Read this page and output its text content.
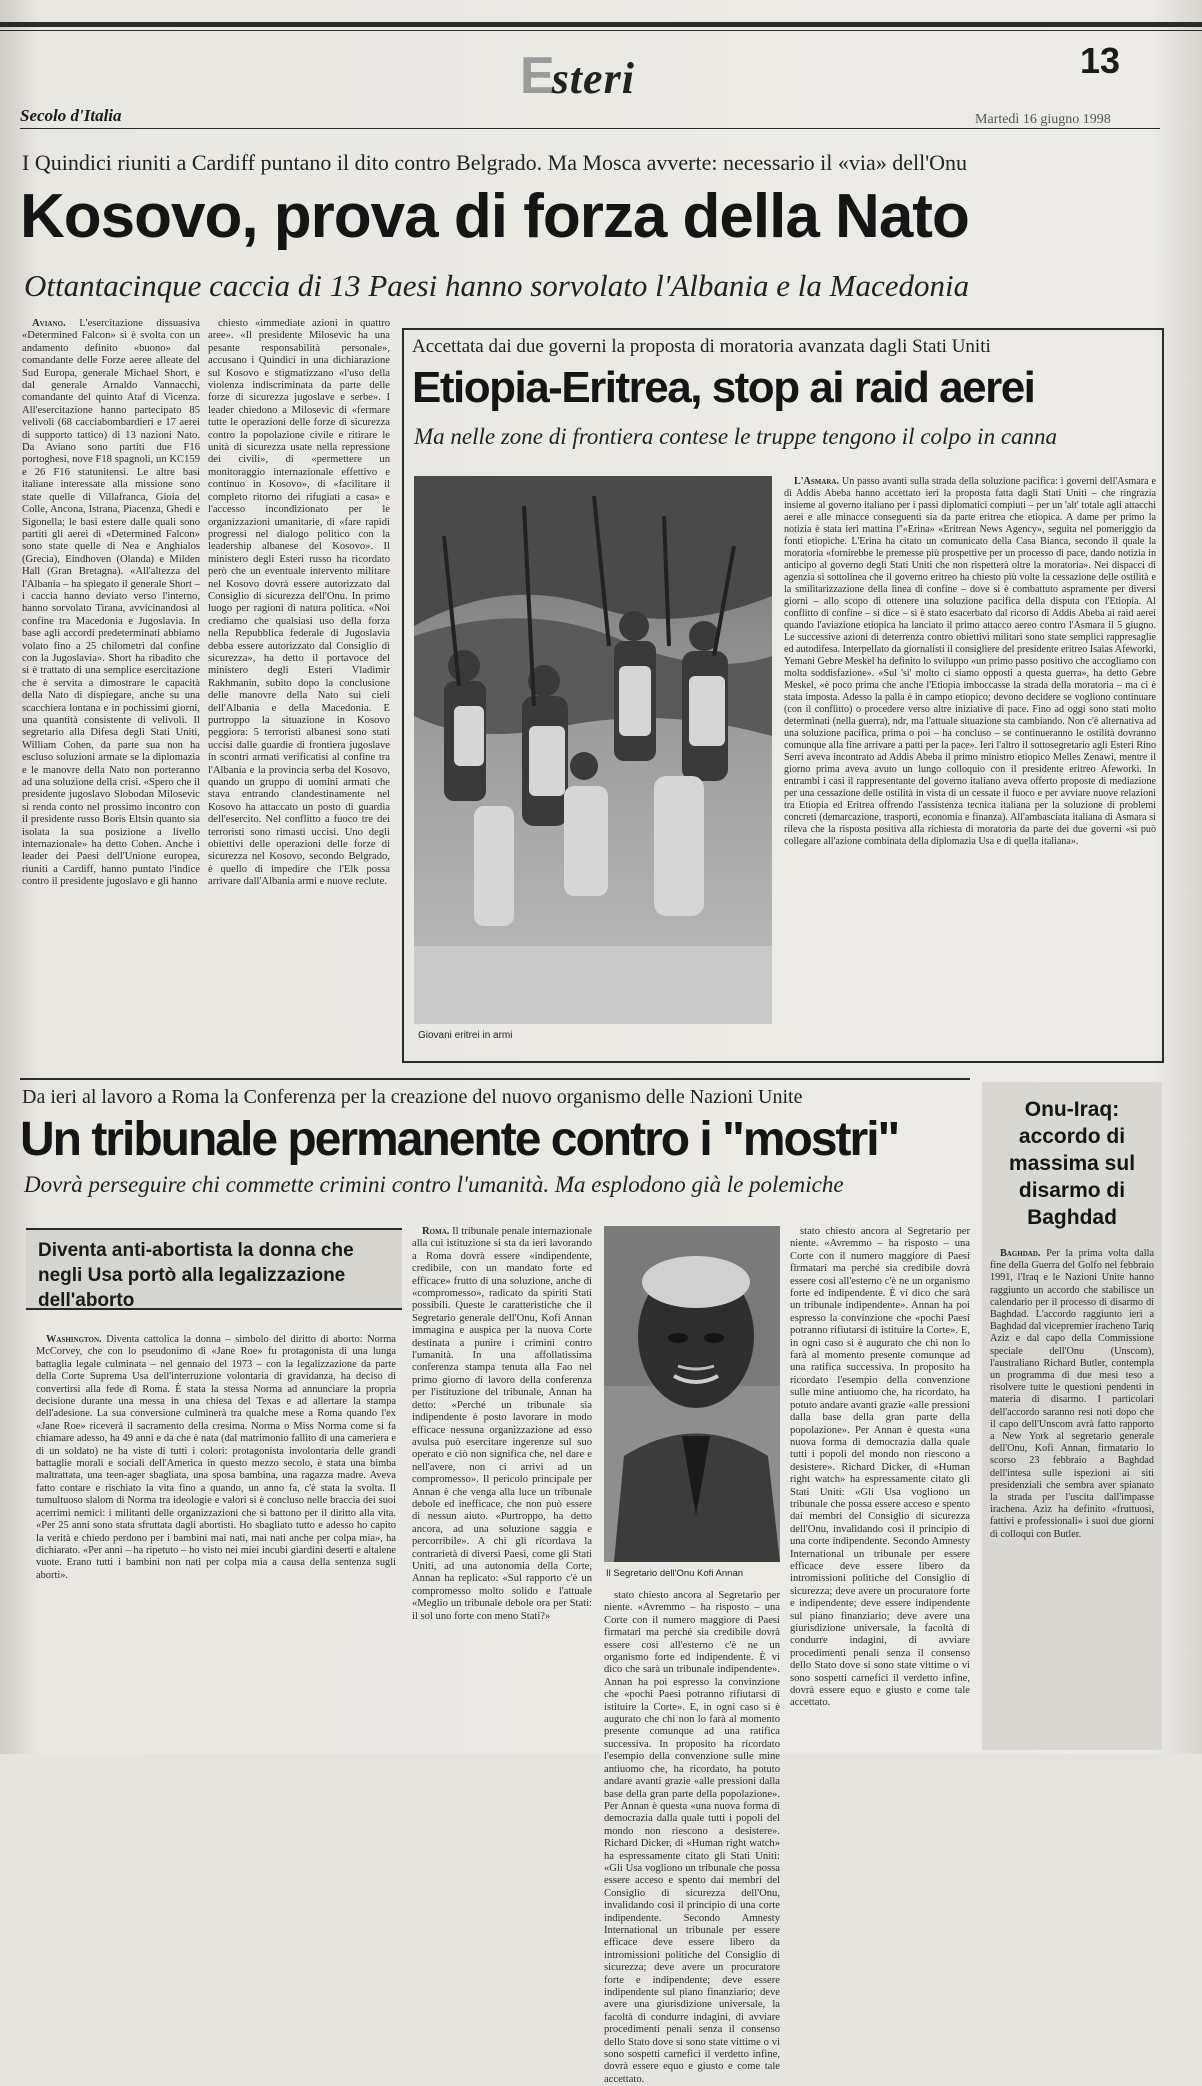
Esteri	13
Secolo d'Italia	Martedì 16 giugno 1998
I Quindici riuniti a Cardiff puntano il dito contro Belgrado. Ma Mosca avverte: necessario il «via» dell'Onu
Kosovo, prova di forza della Nato
Ottantacinque caccia di 13 Paesi hanno sorvolato l'Albania e la Macedonia

Aviano. L'esercitazione dissuasiva «Determined Falcon» si è svolta con un andamento definito «buono» dal comandante delle Forze aeree alleate del Sud Europa, generale Michael Short, e dal generale Arnaldo Vannacchi, comandante del quinto Ataf di Vicenza. All'esercitazione hanno partecipato 85 velivoli (68 cacciabombardieri e 17 aerei di supporto tattico) di 13 nazioni Nato. Da Aviano sono partiti due F16 portoghesi, nove F18 spagnoli, un KC159 e 26 F16 statunitensi. Le altre basi italiane interessate alla missione sono state quelle di Villafranca, Gioia del Colle, Ancona, Istrana, Piacenza, Ghedi e Sigonella; le basi estere dalle quali sono partiti gli aerei di «Determined Falcon» sono state quelle di Nea e Anghialos (Grecia), Eindhoven (Olanda) e Milden Hall (Gran Bretagna). «All'altezza del l'Albania – ha spiegato il generale Short – i caccia hanno deviato verso l'interno, hanno sorvolato Tirana, avvicinandosi al confine tra Macedonia e Jugoslavia. In base agli accordi predeterminati abbiamo volato fino a 25 chilometri dal confine con la Jugoslavia». Short ha ribadito che si è trattato di una semplice esercitazione che è servita a dimostrare le capacità della Nato di dispiegare, anche su una scacchiera lontana e in pochissimi giorni, una quantità consistente di velivoli. Il segretario alla Difesa degli Stati Uniti, William Cohen, da parte sua non ha escluso soluzioni armate se la diplomazia e le manovre della Nato non porteranno ad una soluzione della crisi. «Spero che il presidente jugoslavo Slobodan Milosevic si renda conto nel prossimo incontro con il presidente russo Boris Eltsin quanto sia isolata la sua posizione a livello internazionale» ha detto Cohen. Anche i leader dei Paesi dell'Unione europea, riuniti a Cardiff, hanno puntato l'indice contro il presidente jugoslavo e gli hanno

chiesto «immediate azioni in quattro aree». «Il presidente Milosevic ha una pesante responsabilità personale», accusano i Quindici in una dichiarazione sul Kosovo e stigmatizzano «l'uso della violenza indiscriminata da parte delle forze di sicurezza jugoslave e serbe». I leader chiedono a Milosevic di «fermare tutte le operazioni delle forze di sicurezza contro la popolazione civile e ritirare le unità di sicurezza usate nella repressione dei civili», di «permettere un monitoraggio internazionale effettivo e continuo in Kosovo», di «facilitare il completo ritorno dei rifugiati a casa» e l'accesso incondizionato per le organizzazioni umanitarie, di «fare rapidi progressi nel dialogo politico con la leadership albanese del Kosovo». Il ministero degli Esteri russo ha ricordato però che un eventuale intervento militare nel Kosovo dovrà essere autorizzato dal Consiglio di sicurezza dell'Onu. In primo luogo per ragioni di natura politica. «Noi crediamo che qualsiasi uso della forza nella Repubblica federale di Jugoslavia debba essere autorizzato dal Consiglio di sicurezza», ha detto il portavoce del ministero degli Esteri Vladimir Rakhmanin, subito dopo la conclusione delle manovre della Nato sui cieli dell'Albania e della Macedonia. E purtroppo la situazione in Kosovo peggiora: 5 terroristi albanesi sono stati uccisi dalle guardie di frontiera jugoslave in scontri armati verificatisi al confine tra l'Albania e la provincia serba del Kosovo, quando un gruppo di uomini armati che stava entrando clandestinamente nel Kosovo ha attaccato un posto di guardia dell'esercito. Nel conflitto a fuoco tre dei terroristi sono rimasti uccisi. Uno degli obiettivi delle operazioni delle forze di sicurezza nel Kosovo, secondo Belgrado, è quello di impedire che l'Elk possa arrivare dall'Albania armi e nuove reclute.

Accettata dai due governi la proposta di moratoria avanzata dagli Stati Uniti
Etiopia-Eritrea, stop ai raid aerei
Ma nelle zone di frontiera contese le truppe tengono il colpo in canna
Giovani eritrei in armi

L'Asmara. Un passo avanti sulla strada della soluzione pacifica: i governi dell'Asmara e di Addis Abeba hanno accettato ieri la proposta fatta dagli Stati Uniti – che ringrazia insieme al governo italiano per i passi diplomatici compiuti – per un 'alt' totale agli attacchi aerei e alle minacce conseguenti sia da parte eritrea che etiopica. A dame per primo la notizia è stata ieri mattina l''«Erina» «Eritrean News Agency», seguita nel pomeriggio da fonti etiopiche. L'Erina ha citato un comunicato della Casa Bianca, secondo il quale la moratoria «fornirebbe le premesse più prospettive per un processo di pace, dando notizia in anticipo al governo degli Stati Uniti che non rispetterà oltre la moratoria». Nei dispacci di agenzia si sottolinea che il governo eritreo ha chiesto più volte la cessazione delle ostilità e la smilitarizzazione della linea di confine – dove si è combattuto aspramente per diversi giorni – allo scopo di ottenere una soluzione pacifica della disputa con l'Etiopia. Al conflitto di confine – si dice – si è stato esacerbato dal ricorso di Addis Abeba ai raid aerei quando l'aviazione etiopica ha lanciato il primo attacco aereo contro l'Asmara il 5 giugno. Le successive azioni di deterrenza contro obiettivi militari sono state semplici rappresaglie ed autodifesa. Interpellato da giornalisti il consigliere del presidente eritreo Isaias Afeworki, Yemani Gebre Meskel ha definito lo sviluppo «un primo passo positivo che accogliamo con molta soddisfazione». «Sul 'sì' molto ci siamo opposti a questa guerra», ha detto Gebre Meskel, «è poco prima che anche l'Etiopia imboccasse la strada della moratoria – ma ci è stata imposta. Adesso la palla è in campo etiopico; devono decidere se vogliono continuare (con il conflitto) o procedere verso altre iniziative di pace. Fino ad oggi sono stati molto determinati (nella guerra), ndr, ma l'attuale situazione sta cambiando. Non c'è alternativa ad una soluzione pacifica, prima o poi – ha concluso – se continueranno le ostilità dovranno comunque alla fine arrivare a patti per la pace». Ieri l'altro il sottosegretario agli Esteri Rino Serri aveva incontrato ad Addis Abeba il primo ministro etiopico Melles Zenawi, mentre il giorno prima aveva avuto un lungo colloquio con il presidente eritreo Afeworki. In entrambi i casi il rappresentante del governo italiano aveva offerto proposte di mediazione per una cessazione delle ostilità in vista di un cessate il fuoco e per avviare nuove relazioni tra Etiopia ed Eritrea offrendo l'assistenza tecnica italiana per la soluzione di problemi concreti (demarcazione, trasporti, economia e finanza). All'ambasciata italiana di Asmara si rileva che la risposta positiva alla richiesta di moratoria da parte dei due governi «si può collegare all'azione combinata della diplomazia Usa e di quella italiana».

Da ieri al lavoro a Roma la Conferenza per la creazione del nuovo organismo delle Nazioni Unite
Un tribunale permanente contro i "mostri"
Dovrà perseguire chi commette crimini contro l'umanità. Ma esplodono già le polemiche
Diventa anti-abortista la donna che negli Usa portò alla legalizzazione dell'aborto

Washington. Diventa cattolica la donna – simbolo del diritto di aborto: Norma McCorvey, che con lo pseudonimo di «Jane Roe» fu protagonista di una lunga battaglia legale culminata – nel gennaio del 1973 – con la legalizzazione da parte della Corte Suprema Usa dell'interruzione volontaria di gravidanza, ha deciso di convertirsi alla fede di Roma. È stata la stessa Norma ad annunciare la propria decisione durante una messa in una chiesa del Texas e ad allertare la stampa dell'adesione. La sua conversione culminerà tra qualche mese a Roma quando l'ex «Jane Roe» riceverà il sacramento della cresima. Norma o Miss Norma come si fa chiamare adesso, ha 49 anni e da che è nata (dal matrimonio fallito di una cameriera e di un soldato) ne ha viste di tutti i colori: protagonista involontaria delle grandi battaglie morali e sociali dell'America in questo mezzo secolo, è stata una bimba maltrattata, una teen-ager sbagliata, una sposa bambina, una ragazza madre. Aveva fatto contare e rischiato la vita fino a quando, un anno fa, c'è stata la svolta. Il tumultuoso slalom di Norma tra ideologie e valori si è concluso nelle braccia dei suoi acerrimi nemici: i militanti delle organizzazioni che si battono per il diritto alla vita. «Per 25 anni sono stata sfruttata dagli abortisti. Ho sbagliato tutto e adesso ho capito la verità e chiedo perdono per i bambini mai nati, mai nati anche per colpa mia», ha dichiarato. «Per anni – ha ripetuto – ho visto nei miei incubi giardini deserti e altalene vuote. Erano tutti i bambini non nati per colpa mia a causa della sentenza sugli aborti».

Roma. Il tribunale penale internazionale alla cui istituzione si sta da ieri lavorando a Roma dovrà essere «indipendente, credibile, con un mandato forte ed efficace» frutto di una soluzione, anche di «compromesso», radicato da spiriti Stati possibili. Queste le caratteristiche che il Segretario generale dell'Onu, Kofi Annan immagina e auspica per la nuova Corte destinata a punire i crimini contro l'umanità. In una affollatissima conferenza stampa tenuta alla Fao nel primo giorno di lavoro della conferenza per l'istituzione del tribunale, Annan ha detto: «Perché un tribunale sia indipendente è posto lavorare in modo efficace nessuna organizzazione ad esso avulsa può esercitare ingerenze sul suo operato e ciò non significa che, nel dare e nell'avere, non ci arrivi ad un compromesso». Il pericolo principale per Annan è che venga alla luce un tribunale debole ed inefficace, che non può essere di nessun aiuto. «Purtroppo, ha detto ancora, ad una soluzione saggia e percorribile». A chi gli ricordava la contrarietà di diversi Paesi, come gli Stati Uniti, ad una autonomia della Corte, Annan ha replicato: «Sul rapporto c'è un compromesso molto solido e l'attuale «Meglio un tribunale debole ora per Stati: il sol uno forte con meno Stati?»

Il Segretario dell'Onu Kofi Annan

stato chiesto ancora al Segretario per niente. «Avremmo – ha risposto – una Corte con il numero maggiore di Paesi firmatari ma perché sia credibile dovrà essere così all'esterno c'è ne un organismo forte ed indipendente. È vi dico che sarà un tribunale indipendente». Annan ha poi espresso la convinzione che «pochi Paesi potranno rifiutarsi di istituire la Corte». E, in ogni caso si è augurato che chi non lo farà al momento presente comunque ad una ratifica successiva. In proposito ha ricordato l'esempio della convenzione sulle mine antiuomo che, ha ricordato, ha potuto andare avanti grazie «alle pressioni dalla base della gran parte della popolazione». Per Annan è questa «una nuova forma di democrazia dalla quale tutti i popoli del mondo non riescono a desistere». Richard Dicker, di «Human right watch» ha espressamente citato gli Stati Uniti: «Gli Usa vogliono un tribunale che possa essere acceso e spento dai membri del Consiglio di sicurezza dell'Onu, invalidando così il principio di una corte indipendente. Secondo Amnesty International un tribunale per essere efficace deve essere libero da intromissioni politiche del Consiglio di sicurezza; deve avere un procuratore forte e indipendente; deve essere indipendente sul piano finanziario; deve avere una giurisdizione universale, la facoltà di condurre indagini, di avviare procedimenti penali senza il consenso dello Stato dove si sono state vittime o vi sono sospetti carnefici il verdetto infine, dovrà essere equo e giusto e come tale accettato.

stato chiesto ancora al Segretario per niente. «Avremmo – ha risposto – una Corte con il numero maggiore di Paesi firmatari ma perché sia credibile dovrà essere così all'esterno c'è ne un organismo forte ed indipendente. È vi dico che sarà un tribunale indipendente». Annan ha poi espresso la convinzione che «pochi Paesi potranno rifiutarsi di istituire la Corte». E, in ogni caso si è augurato che chi non lo farà al momento presente comunque ad una ratifica successiva. In proposito ha ricordato l'esempio della convenzione sulle mine antiuomo che, ha ricordato, ha potuto andare avanti grazie «alle pressioni dalla base della gran parte della popolazione». Per Annan è questa «una nuova forma di democrazia dalla quale tutti i popoli del mondo non riescono a desistere». Richard Dicker, di «Human right watch» ha espressamente citato gli Stati Uniti: «Gli Usa vogliono un tribunale che possa essere acceso e spento dai membri del Consiglio di sicurezza dell'Onu, invalidando così il principio di una corte indipendente. Secondo Amnesty International un tribunale per essere efficace deve essere libero da intromissioni politiche del Consiglio di sicurezza; deve avere un procuratore forte e indipendente; deve essere indipendente sul piano finanziario; deve avere una giurisdizione universale, la facoltà di condurre indagini, di avviare procedimenti penali senza il consenso dello Stato dove si sono state vittime o vi sono sospetti carnefici il verdetto infine, dovrà essere equo e giusto e come tale accettato.

Onu-Iraq: accordo di massima sul disarmo di Baghdad

Baghdad. Per la prima volta dalla fine della Guerra del Golfo nel febbraio 1991, l'Iraq e le Nazioni Unite hanno raggiunto un accordo che stabilisce un calendario per il processo di disarmo di Baghdad. L'accordo raggiunto ieri a Baghdad dal vicepremier iracheno Tariq Aziz e dal capo della Commissione speciale dell'Onu (Unscom), l'australiano Richard Butler, contempla un programma di due mesi teso a risolvere tutte le questioni pendenti in materia di disarmo. I particolari dell'accordo saranno resi noti dopo che il capo dell'Unscom avrà fatto rapporto a New York al segretario generale dell'Onu, Kofi Annan, firmatario lo scorso 23 febbraio a Baghdad dell'intesa sulle ispezioni ai siti presidenziali che sembra aver spianato la strada per l'uscita dall'impasse irachena. Aziz ha definito «fruttuosi, fattivi e professionali» i suoi due giorni di colloqui con Butler.
